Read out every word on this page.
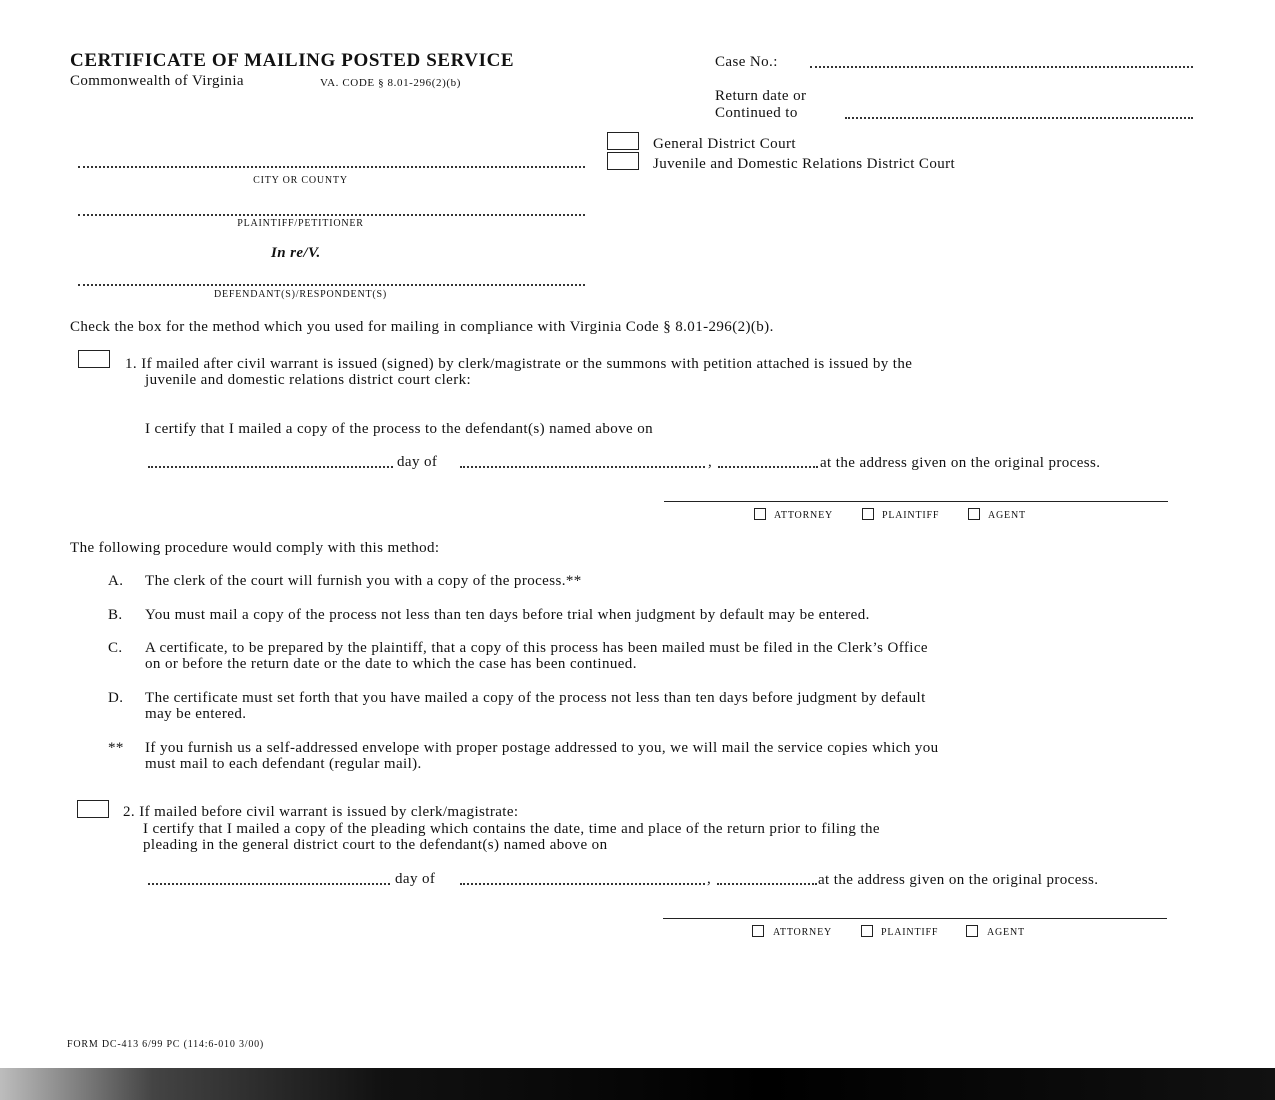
CERTIFICATE OF MAILING POSTED SERVICE
Commonwealth of Virginia	VA. CODE § 8.01-296(2)(b)
Case No.:
Return date or
Continued to
General District Court
Juvenile and Domestic Relations District Court
CITY OR COUNTY
PLAINTIFF/PETITIONER
In re/V.
DEFENDANT(S)/RESPONDENT(S)
Check the box for the method which you used for mailing in compliance with Virginia Code § 8.01-296(2)(b).
1. If mailed after civil warrant is issued (signed) by clerk/magistrate or the summons with petition attached is issued by the
juvenile and domestic relations district court clerk:
I certify that I mailed a copy of the process to the defendant(s) named above on
day of	,	at the address given on the original process.
ATTORNEY	PLAINTIFF	AGENT
The following procedure would comply with this method:
A. The clerk of the court will furnish you with a copy of the process.**
B. You must mail a copy of the process not less than ten days before trial when judgment by default may be entered.
C. A certificate, to be prepared by the plaintiff, that a copy of this process has been mailed must be filed in the Clerk’s Office
on or before the return date or the date to which the case has been continued.
D. The certificate must set forth that you have mailed a copy of the process not less than ten days before judgment by default
may be entered.
** If you furnish us a self-addressed envelope with proper postage addressed to you, we will mail the service copies which you
must mail to each defendant (regular mail).
2. If mailed before civil warrant is issued by clerk/magistrate:
I certify that I mailed a copy of the pleading which contains the date, time and place of the return prior to filing the
pleading in the general district court to the defendant(s) named above on
day of	,	at the address given on the original process.
ATTORNEY	PLAINTIFF	AGENT
FORM DC-413 6/99 PC (114:6-010 3/00)
